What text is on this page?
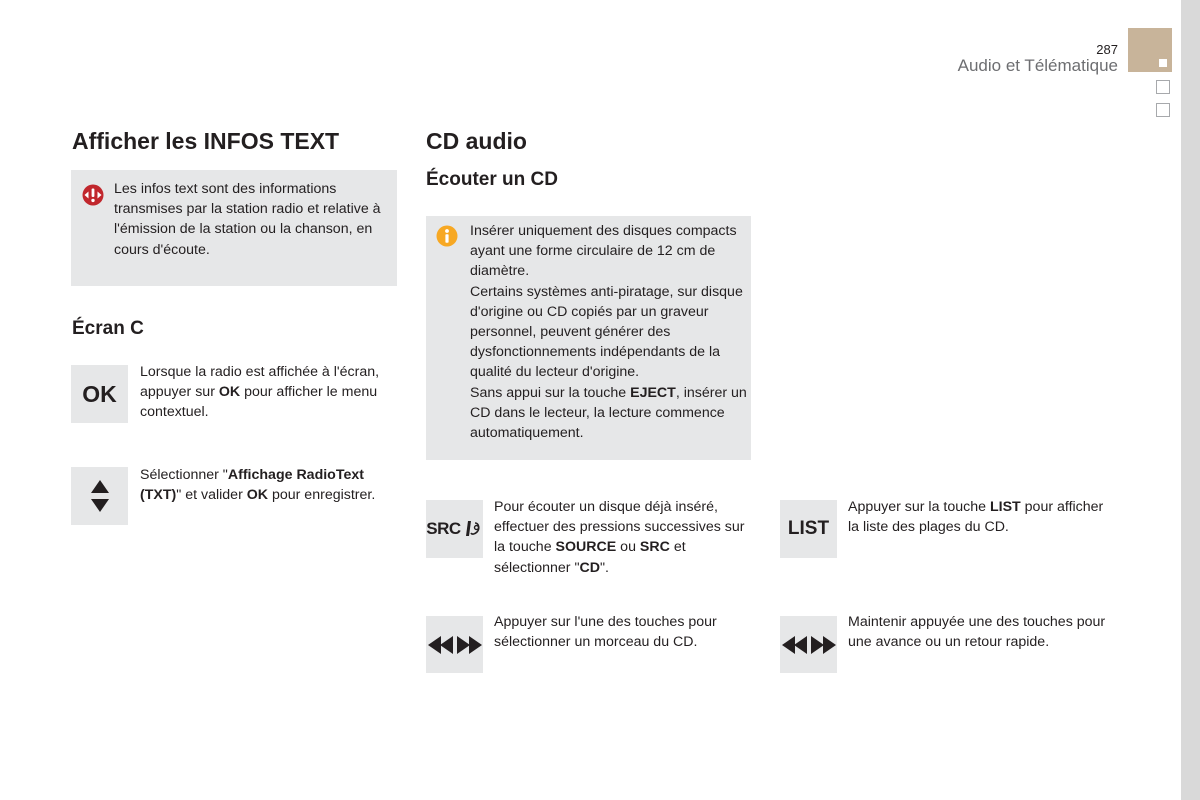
287
Audio et Télématique
Afficher les INFOS TEXT
Les infos text sont des informations transmises par la station radio et relative à l'émission de la station ou la chanson, en cours d'écoute.
Écran C
OK
Lorsque la radio est affichée à l'écran, appuyer sur OK pour afficher le menu contextuel.
Sélectionner "Affichage RadioText (TXT)" et valider OK pour enregistrer.
CD audio
Écouter un CD
Insérer uniquement des disques compacts ayant une forme circulaire de 12 cm de diamètre.
Certains systèmes anti-piratage, sur disque d'origine ou CD copiés par un graveur personnel, peuvent générer des dysfonctionnements indépendants de la qualité du lecteur d'origine.
Sans appui sur la touche EJECT, insérer un CD dans le lecteur, la lecture commence automatiquement.
SRC
Pour écouter un disque déjà inséré, effectuer des pressions successives sur la touche SOURCE ou SRC et sélectionner "CD".
LIST
Appuyer sur la touche LIST pour afficher la liste des plages du CD.
Appuyer sur l'une des touches pour sélectionner un morceau du CD.
Maintenir appuyée une des touches pour une avance ou un retour rapide.
